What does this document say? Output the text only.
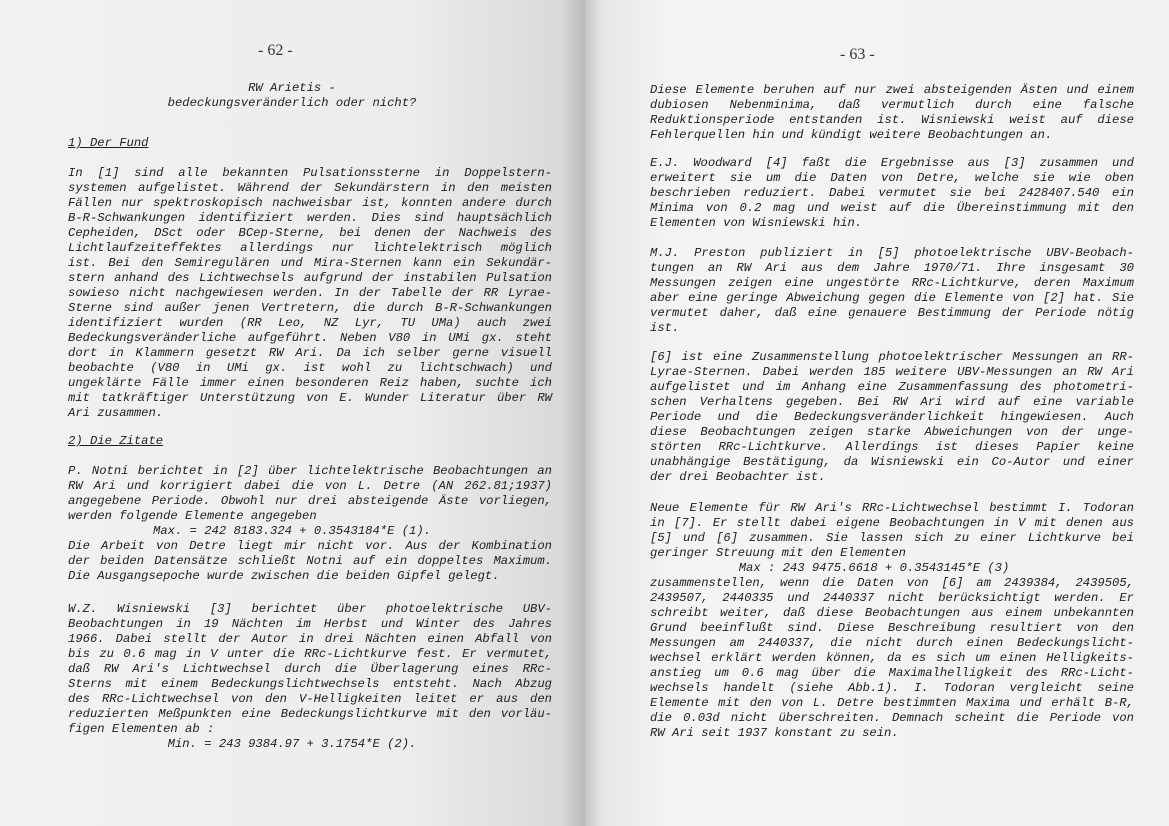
- 62 -
RW Arietis -
bedeckungsveränderlich oder nicht?
1) Der Fund
In [1] sind alle bekannten Pulsationssterne in Doppelstern-
systemen aufgelistet. Während der Sekundärstern in den meisten
Fällen nur spektroskopisch nachweisbar ist, konnten andere durch
B-R-Schwankungen identifiziert werden. Dies sind hauptsächlich
Cepheiden, DSct oder BCep-Sterne, bei denen der Nachweis des
Lichtlaufzeiteffektes allerdings nur lichtelektrisch möglich
ist. Bei den Semiregulären und Mira-Sternen kann ein Sekundär-
stern anhand des Lichtwechsels aufgrund der instabilen Pulsation
sowieso nicht nachgewiesen werden. In der Tabelle der RR Lyrae-
Sterne sind außer jenen Vertretern, die durch B-R-Schwankungen
identifiziert wurden (RR Leo, NZ Lyr, TU UMa) auch zwei
Bedeckungsveränderliche aufgeführt. Neben V80 in UMi gx. steht
dort in Klammern gesetzt RW Ari. Da ich selber gerne visuell
beobachte (V80 in UMi gx. ist wohl zu lichtschwach) und
ungeklärte Fälle immer einen besonderen Reiz haben, suchte ich
mit tatkräftiger Unterstützung von E. Wunder Literatur über RW
Ari zusammen.
2) Die Zitate
P. Notni berichtet in [2] über lichtelektrische Beobachtungen an
RW Ari und korrigiert dabei die von L. Detre (AN 262.81;1937)
angegebene Periode. Obwohl nur drei absteigende Äste vorliegen,
werden folgende Elemente angegeben
Max. = 242 8183.324 + 0.3543184*E (1).
Die Arbeit von Detre liegt mir nicht vor. Aus der Kombination
der beiden Datensätze schließt Notni auf ein doppeltes Maximum.
Die Ausgangsepoche wurde zwischen die beiden Gipfel gelegt.
W.Z. Wisniewski [3] berichtet über photoelektrische UBV-
Beobachtungen in 19 Nächten im Herbst und Winter des Jahres
1966. Dabei stellt der Autor in drei Nächten einen Abfall von
bis zu 0.6 mag in V unter die RRc-Lichtkurve fest. Er vermutet,
daß RW Ari's Lichtwechsel durch die Überlagerung eines RRc-
Sterns mit einem Bedeckungslichtwechsels entsteht. Nach Abzug
des RRc-Lichtwechsel von den V-Helligkeiten leitet er aus den
reduzierten Meßpunkten eine Bedeckungslichtkurve mit den vorläu-
figen Elementen ab :
Min. = 243 9384.97 + 3.1754*E (2).
- 63 -
Diese Elemente beruhen auf nur zwei absteigenden Ästen und einem
dubiosen Nebenminima, daß vermutlich durch eine falsche
Reduktionsperiode entstanden ist. Wisniewski weist auf diese
Fehlerquellen hin und kündigt weitere Beobachtungen an.
E.J. Woodward [4] faßt die Ergebnisse aus [3] zusammen und
erweitert sie um die Daten von Detre, welche sie wie oben
beschrieben reduziert. Dabei vermutet sie bei 2428407.540 ein
Minima von 0.2 mag und weist auf die Übereinstimmung mit den
Elementen von Wisniewski hin.
M.J. Preston publiziert in [5] photoelektrische UBV-Beobach-
tungen an RW Ari aus dem Jahre 1970/71. Ihre insgesamt 30
Messungen zeigen eine ungestörte RRc-Lichtkurve, deren Maximum
aber eine geringe Abweichung gegen die Elemente von [2] hat. Sie
vermutet daher, daß eine genauere Bestimmung der Periode nötig
ist.
[6] ist eine Zusammenstellung photoelektrischer Messungen an RR-
Lyrae-Sternen. Dabei werden 185 weitere UBV-Messungen an RW Ari
aufgelistet und im Anhang eine Zusammenfassung des photometri-
schen Verhaltens gegeben. Bei RW Ari wird auf eine variable
Periode und die Bedeckungsveränderlichkeit hingewiesen. Auch
diese Beobachtungen zeigen starke Abweichungen von der unge-
störten RRc-Lichtkurve. Allerdings ist dieses Papier keine
unabhängige Bestätigung, da Wisniewski ein Co-Autor und einer
der drei Beobachter ist.
Neue Elemente für RW Ari's RRc-Lichtwechsel bestimmt I. Todoran
in [7]. Er stellt dabei eigene Beobachtungen in V mit denen aus
[5] und [6] zusammen. Sie lassen sich zu einer Lichtkurve bei
geringer Streuung mit den Elementen
Max : 243 9475.6618 + 0.3543145*E (3)
zusammenstellen, wenn die Daten von [6] am 2439384, 2439505,
2439507, 2440335 und 2440337 nicht berücksichtigt werden. Er
schreibt weiter, daß diese Beobachtungen aus einem unbekannten
Grund beeinflußt sind. Diese Beschreibung resultiert von den
Messungen am 2440337, die nicht durch einen Bedeckungslicht-
wechsel erklärt werden können, da es sich um einen Helligkeits-
anstieg um 0.6 mag über die Maximalhelligkeit des RRc-Licht-
wechsels handelt (siehe Abb.1). I. Todoran vergleicht seine
Elemente mit den von L. Detre bestimmten Maxima und erhält B-R,
die 0.03d nicht überschreiten. Demnach scheint die Periode von
RW Ari seit 1937 konstant zu sein.
